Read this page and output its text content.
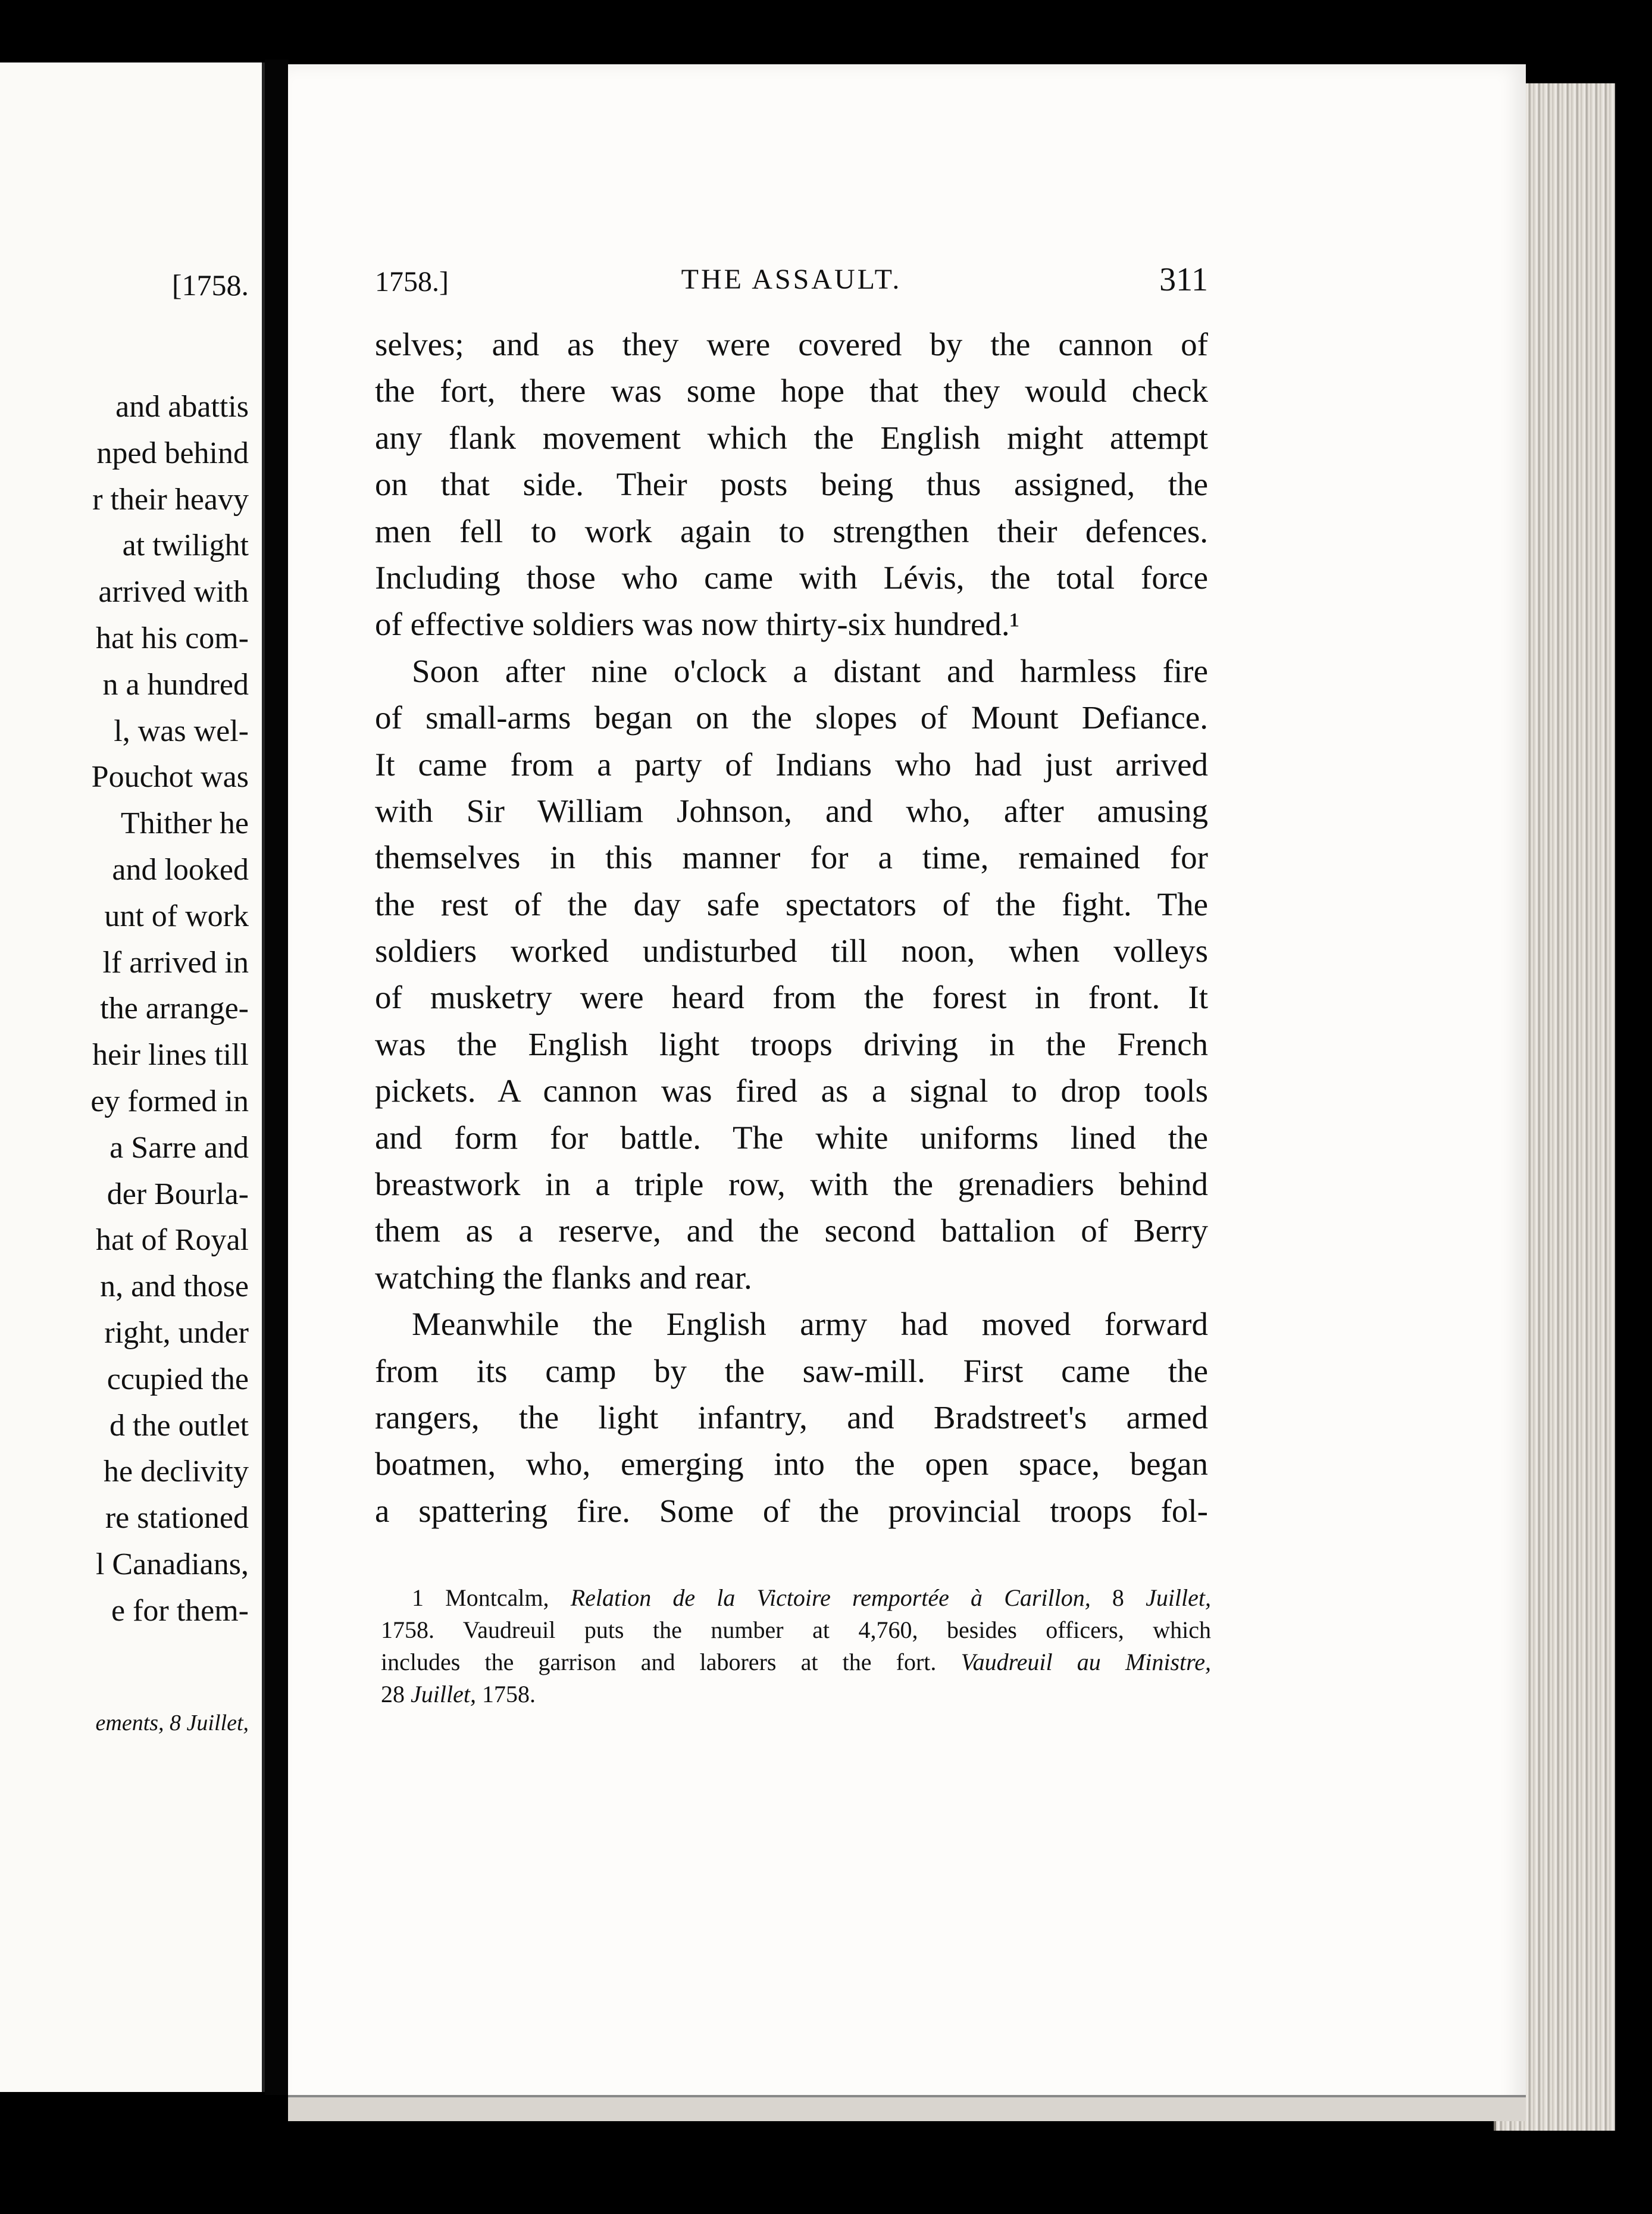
[1758.
and abattis
nped behind
r their heavy
at twilight
arrived with
hat his com-
n a hundred
l, was wel-
Pouchot was
Thither he
and looked
unt of work
lf arrived in
the arrange-
heir lines till
ey formed in
a Sarre and
der Bourla-
hat of Royal
n, and those
right, under
ccupied the
d the outlet
he declivity
re stationed
l Canadians,
e for them-
ements, 8 Juillet,
1758.]	THE ASSAULT.	311
selves; and as they were covered by the cannon of
the fort, there was some hope that they would check
any flank movement which the English might attempt
on that side. Their posts being thus assigned, the
men fell to work again to strengthen their defences.
Including those who came with Lévis, the total force
of effective soldiers was now thirty-six hundred.¹
Soon after nine o'clock a distant and harmless fire
of small-arms began on the slopes of Mount Defiance.
It came from a party of Indians who had just arrived
with Sir William Johnson, and who, after amusing
themselves in this manner for a time, remained for
the rest of the day safe spectators of the fight. The
soldiers worked undisturbed till noon, when volleys
of musketry were heard from the forest in front. It
was the English light troops driving in the French
pickets. A cannon was fired as a signal to drop tools
and form for battle. The white uniforms lined the
breastwork in a triple row, with the grenadiers behind
them as a reserve, and the second battalion of Berry
watching the flanks and rear.
Meanwhile the English army had moved forward
from its camp by the saw-mill. First came the
rangers, the light infantry, and Bradstreet's armed
boatmen, who, emerging into the open space, began
a spattering fire. Some of the provincial troops fol-
1 Montcalm, Relation de la Victoire remportée à Carillon, 8 Juillet,
1758. Vaudreuil puts the number at 4,760, besides officers, which
includes the garrison and laborers at the fort. Vaudreuil au Ministre,
28 Juillet, 1758.
